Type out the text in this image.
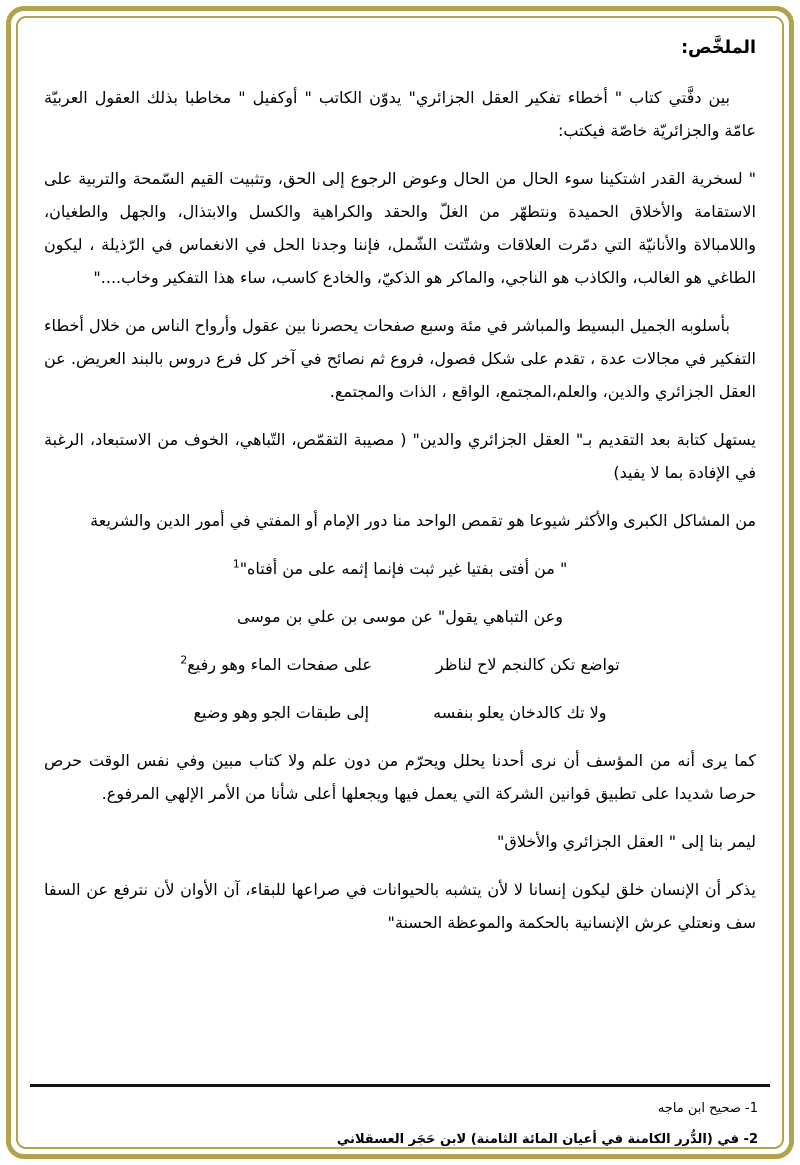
الملخَّص:

بين دفَّتي كتاب " أخطاء تفكير العقل الجزائري" يدوّن الكاتب " أوكفيل " مخاطبا بذلك العقول العربيّة عامّة والجزائريّة خاصّة فيكتب:

" لسخرية القدر اشتكينا سوء الحال من الحال وعوض الرجوع إلى الحق، وتثبيت القيم السّمحة والتربية على الاستقامة والأخلاق الحميدة ونتطهّر من الغلّ والحقد والكراهية والكسل والابتذال، والجهل والطغيان، واللامبالاة والأنانيّة التي دمّرت العلاقات وشتّتت الشّمل، فإننا وجدنا الحل في الانغماس في الرّذيلة ، ليكون الطاغي هو الغالب، والكاذب هو الناجي، والماكر هو الذكيّ، والخادع كاسب، ساء هذا التفكير وخاب...."

بأسلوبه الجميل البسيط والمباشر في مئة وسبع صفحات يحصرنا بين عقول وأرواح الناس من خلال أخطاء التفكير في مجالات عدة ، تقدم على شكل فصول، فروع ثم نصائح في آخر كل فرع دروس بالبند العريض. عن العقل الجزائري والدين، والعلم،المجتمع، الواقع ، الذات والمجتمع.

يستهل كتابة بعد التقديم بـ" العقل الجزائري والدين" ( مصيبة التقمّص، التّباهي، الخوف من الاستبعاد، الرغبة في الإفادة بما لا يفيد)

من المشاكل الكبرى والأكثر شيوعا هو تقمص الواحد منا دور الإمام أو المفتي في أمور الدين والشريعة

" من أفتى بفتيا غير ثبت فإنما إثمه على من أفتاه"$^1$

وعن التباهي يقول" عن موسى بن علي بن موسى

تواضع تكن كالنجم لاح لناظر
على صفحات الماء وهو رفيع$^2$
ولا تك كالدخان يعلو بنفسه
إلى طبقات الجو وهو وضيع

كما يرى أنه من المؤسف أن نرى أحدنا يحلل ويحرّم من دون علم ولا كتاب مبين وفي نفس الوقت حرص حرصا شديدا على تطبيق قوانين الشركة التي يعمل فيها ويجعلها أعلى شأنا من الأمر الإلهي المرفوع.

ليمر بنا إلى " العقل الجزائري والأخلاق"

يذكر أن الإنسان خلق ليكون إنسانا لا لأن يتشبه بالحيوانات في صراعها للبقاء، آن الأوان لأن نترفع عن السفا سف ونعتلي عرش الإنسانية بالحكمة والموعظة الحسنة"

1- صحيح ابن ماجه

2- في (الدُّرر الكامنة في أعيان المائة الثامنة) لابن حَجَر العسقلاني
